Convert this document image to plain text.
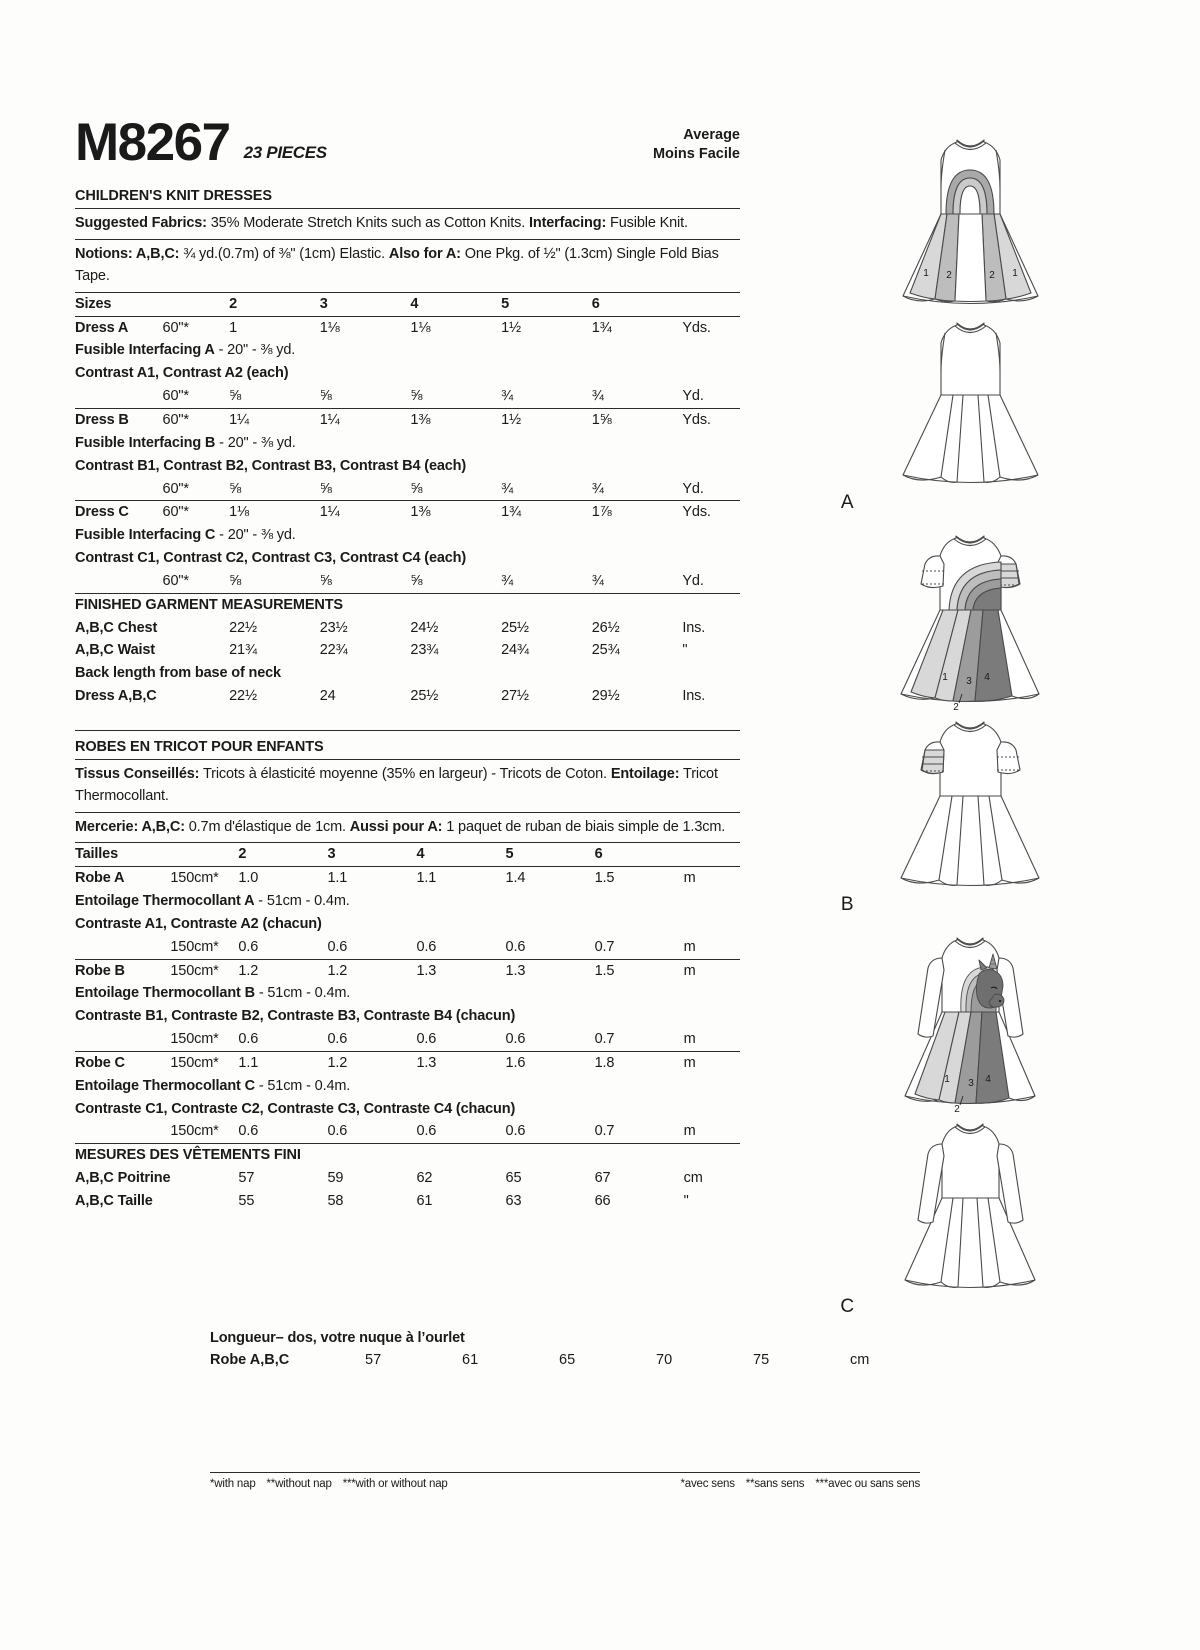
M8267 23 PIECES
Average
Moins Facile
CHILDREN'S KNIT DRESSES
Suggested Fabrics: 35% Moderate Stretch Knits such as Cotton Knits. Interfacing: Fusible Knit.
Notions: A,B,C: ¾ yd.(0.7m) of ⅜" (1cm) Elastic. Also for A: One Pkg. of ½" (1.3cm) Single Fold Bias Tape.
Sizes		2	3	4	5	6	
Dress A	60"*	1	1⅛	1⅛	1½	1¾	Yds.
Fusible Interfacing A - 20" - ⅜ yd.							
Contrast A1, Contrast A2 (each)							
	60"*	⅝	⅝	⅝	¾	¾	Yd.
Dress B	60"*	1¼	1¼	1⅜	1½	1⅝	Yds.
Fusible Interfacing B - 20" - ⅜ yd.							
Contrast B1, Contrast B2, Contrast B3, Contrast B4 (each)							
	60"*	⅝	⅝	⅝	¾	¾	Yd.
Dress C	60"*	1⅛	1¼	1⅜	1¾	1⅞	Yds.
Fusible Interfacing C - 20" - ⅜ yd.							
Contrast C1, Contrast C2, Contrast C3, Contrast C4 (each)							
	60"*	⅝	⅝	⅝	¾	¾	Yd.
FINISHED GARMENT MEASUREMENTS							
A,B,C Chest		22½	23½	24½	25½	26½	Ins.
A,B,C Waist		21¾	22¾	23¾	24¾	25¾	"
Back length from base of neck							
Dress A,B,C		22½	24	25½	27½	29½	Ins.
ROBES EN TRICOT POUR ENFANTS
Tissus Conseillés: Tricots à élasticité moyenne (35% en largeur) - Tricots de Coton. Entoilage: Tricot Thermocollant.
Mercerie: A,B,C: 0.7m d'élastique de 1cm. Aussi pour A: 1 paquet de ruban de biais simple de 1.3cm.
Tailles		2	3	4	5	6	
Robe A	150cm*	1.0	1.1	1.1	1.4	1.5	m
Entoilage Thermocollant A - 51cm - 0.4m.							
Contraste A1, Contraste A2 (chacun)							
	150cm*	0.6	0.6	0.6	0.6	0.7	m
Robe B	150cm*	1.2	1.2	1.3	1.3	1.5	m
Entoilage Thermocollant B - 51cm - 0.4m.							
Contraste B1, Contraste B2, Contraste B3, Contraste B4 (chacun)							
	150cm*	0.6	0.6	0.6	0.6	0.7	m
Robe C	150cm*	1.1	1.2	1.3	1.6	1.8	m
Entoilage Thermocollant C - 51cm - 0.4m.							
Contraste C1, Contraste C2, Contraste C3, Contraste C4 (chacun)							
	150cm*	0.6	0.6	0.6	0.6	0.7	m
MESURES DES VÊTEMENTS FINI							
A,B,C Poitrine		57	59	62	65	67	cm
A,B,C Taille		55	58	61	63	66	"
Longueur– dos, votre nuque à l’ourlet
Robe A,B,C	57	61	65	70	75	cm
*with nap **without nap ***with or without nap	*avec sens **sans sens ***avec ou sans sens
1 2	2 1
A
1
2
3 4
B
1
2
3 4
C
